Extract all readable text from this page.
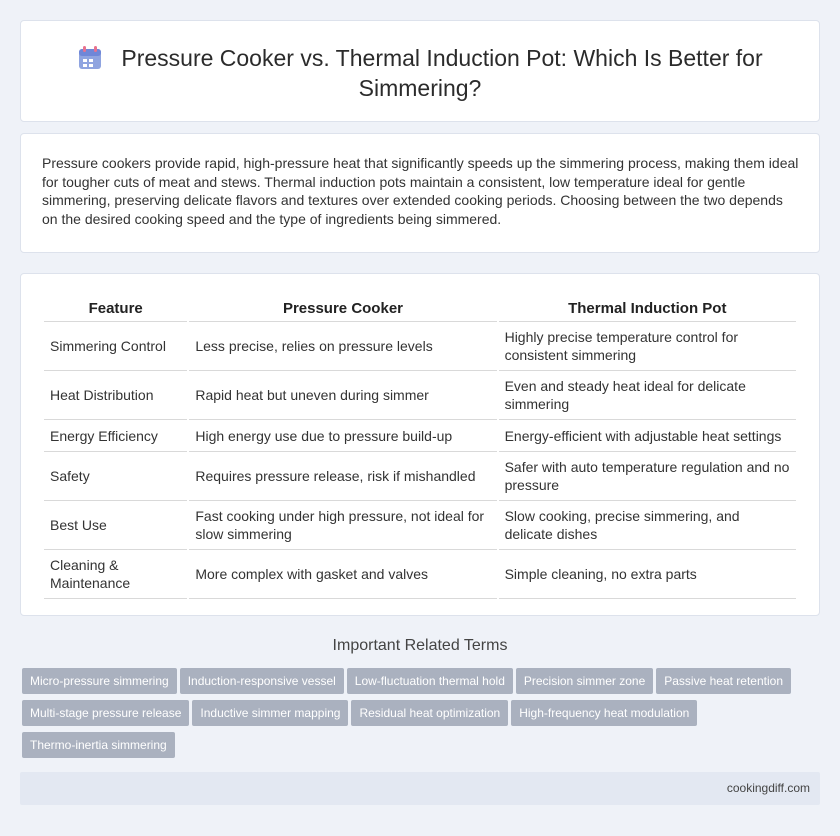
Pressure Cooker vs. Thermal Induction Pot: Which Is Better for Simmering?

Pressure cookers provide rapid, high-pressure heat that significantly speeds up the simmering process, making them ideal for tougher cuts of meat and stews. Thermal induction pots maintain a consistent, low temperature ideal for gentle simmering, preserving delicate flavors and textures over extended cooking periods. Choosing between the two depends on the desired cooking speed and the type of ingredients being simmered.

Feature	Pressure Cooker	Thermal Induction Pot
Simmering Control	Less precise, relies on pressure levels	Highly precise temperature control for consistent simmering
Heat Distribution	Rapid heat but uneven during simmer	Even and steady heat ideal for delicate simmering
Energy Efficiency	High energy use due to pressure build-up	Energy-efficient with adjustable heat settings
Safety	Requires pressure release, risk if mishandled	Safer with auto temperature regulation and no pressure
Best Use	Fast cooking under high pressure, not ideal for slow simmering	Slow cooking, precise simmering, and delicate dishes
Cleaning & Maintenance	More complex with gasket and valves	Simple cleaning, no extra parts
Important Related Terms
Micro-pressure simmering Induction-responsive vessel Low-fluctuation thermal hold Precision simmer zone Passive heat retention
Multi-stage pressure release Inductive simmer mapping Residual heat optimization High-frequency heat modulation
Thermo-inertia simmering
cookingdiff.com
